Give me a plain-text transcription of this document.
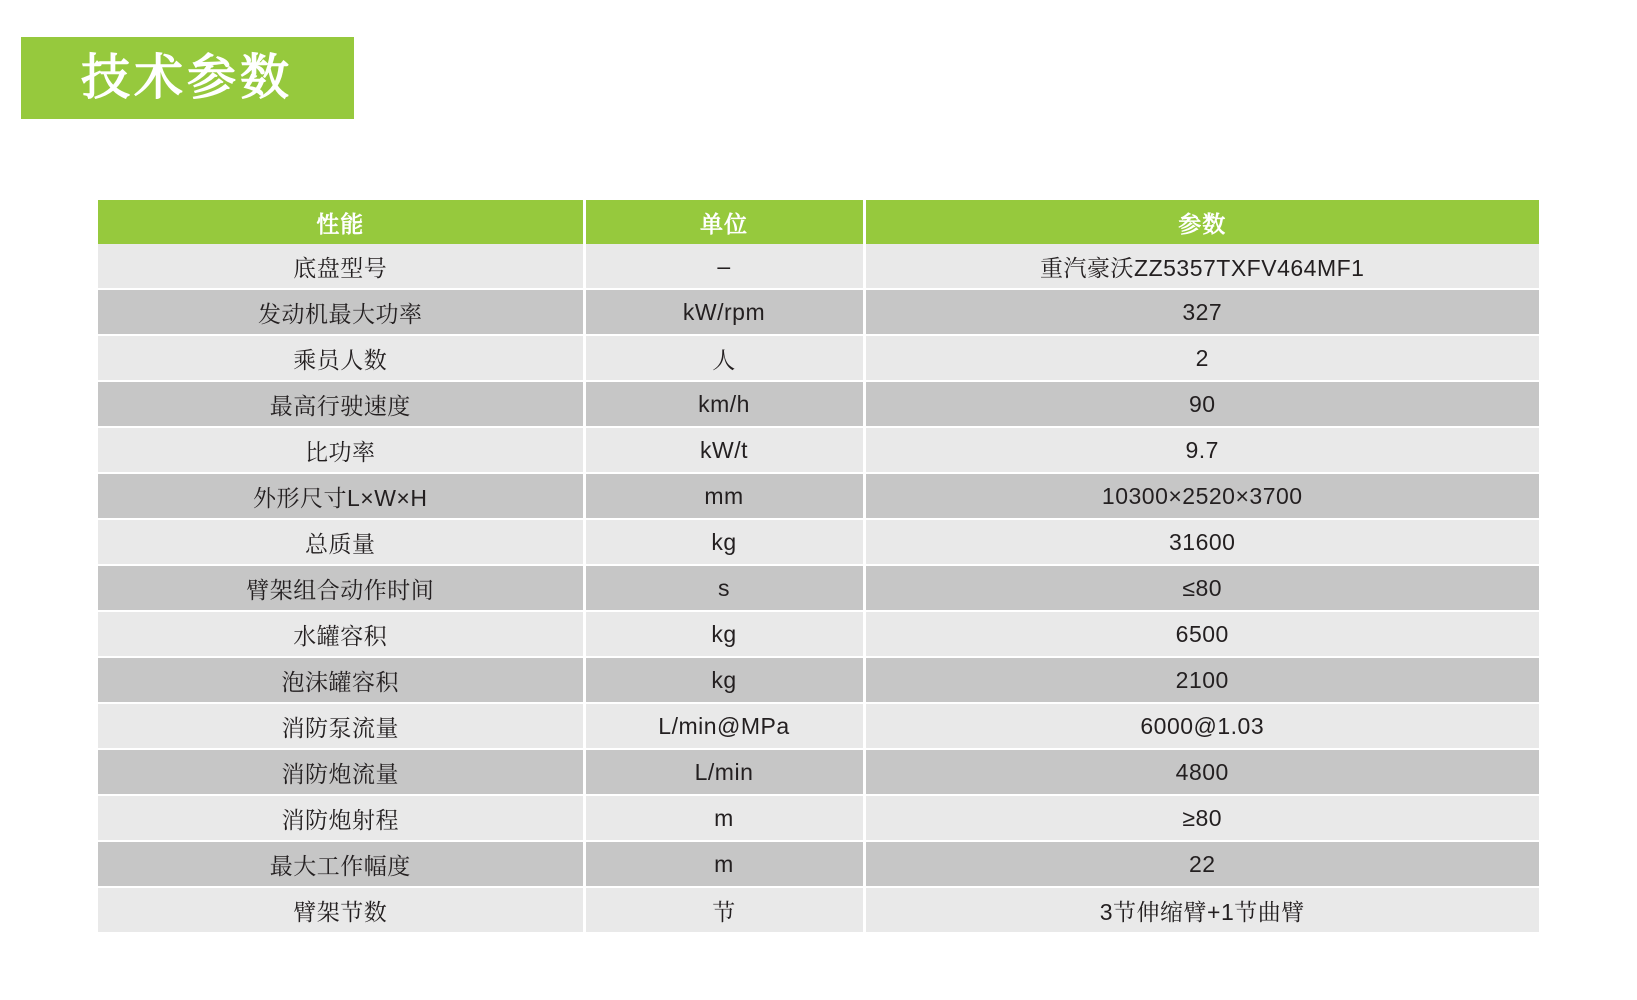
技术参数
性能	单位	参数
底盘型号	–	重汽豪沃ZZ5357TXFV464MF1
发动机最大功率	kW/rpm	327
乘员人数	人	2
最高行驶速度	km/h	90
比功率	kW/t	9.7
外形尺寸L×W×H	mm	10300×2520×3700
总质量	kg	31600
臂架组合动作时间	s	≤80
水罐容积	kg	6500
泡沫罐容积	kg	2100
消防泵流量	L/min@MPa	6000@1.03
消防炮流量	L/min	4800
消防炮射程	m	≥80
最大工作幅度	m	22
臂架节数	节	3节伸缩臂+1节曲臂
